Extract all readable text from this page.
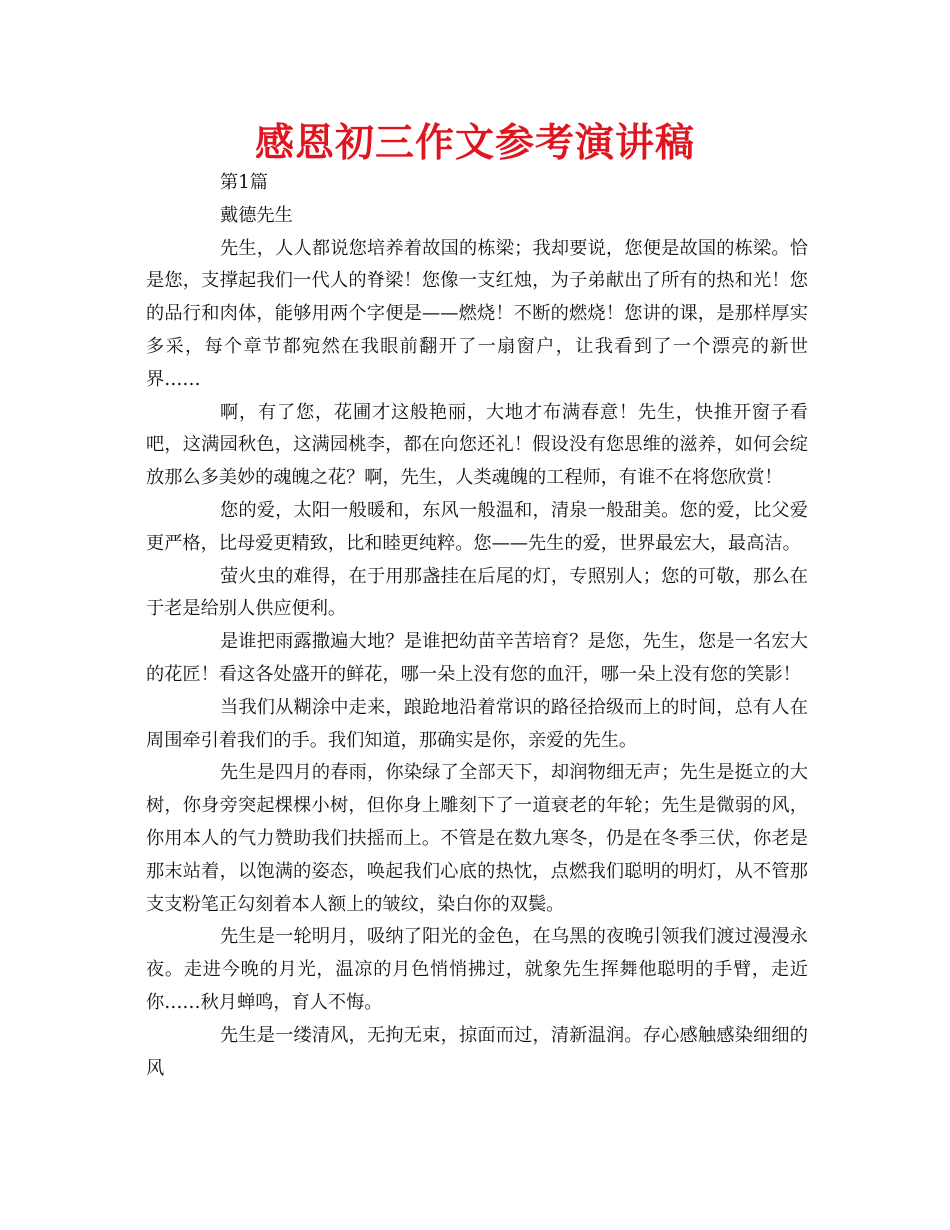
感恩初三作文参考演讲稿

第1篇

戴德先生

先生，人人都说您培养着故国的栋梁；我却要说，您便是故国的栋梁。恰是您，支撑起我们一代人的脊梁！您像一支红烛，为子弟献出了所有的热和光！您的品行和肉体，能够用两个字便是——燃烧！不断的燃烧！您讲的课，是那样厚实多采，每个章节都宛然在我眼前翻开了一扇窗户，让我看到了一个漂亮的新世界……

啊，有了您，花圃才这般艳丽，大地才布满春意！先生，快推开窗子看吧，这满园秋色，这满园桃李，都在向您还礼！假设没有您思维的滋养，如何会绽放那么多美妙的魂魄之花？啊，先生，人类魂魄的工程师，有谁不在将您欣赏！

您的爱，太阳一般暖和，东风一般温和，清泉一般甜美。您的爱，比父爱更严格，比母爱更精致，比和睦更纯粹。您——先生的爱，世界最宏大，最高洁。

萤火虫的难得，在于用那盏挂在后尾的灯，专照别人；您的可敬，那么在于老是给别人供应便利。

是谁把雨露撒遍大地？是谁把幼苗辛苦培育？是您，先生，您是一名宏大的花匠！看这各处盛开的鲜花，哪一朵上没有您的血汗，哪一朵上没有您的笑影！

当我们从糊涂中走来，踉跄地沿着常识的路径拾级而上的时间，总有人在周围牵引着我们的手。我们知道，那确实是你，亲爱的先生。

先生是四月的春雨，你染绿了全部天下，却润物细无声；先生是挺立的大树，你身旁突起棵棵小树，但你身上雕刻下了一道衰老的年轮；先生是微弱的风，你用本人的气力赞助我们扶摇而上。不管是在数九寒冬，仍是在冬季三伏，你老是那末站着，以饱满的姿态，唤起我们心底的热忱，点燃我们聪明的明灯，从不管那支支粉笔正勾刻着本人额上的皱纹，染白你的双鬓。

先生是一轮明月，吸纳了阳光的金色，在乌黑的夜晚引领我们渡过漫漫永夜。走进今晚的月光，温凉的月色悄悄拂过，就象先生挥舞他聪明的手臂，走近你……秋月蝉鸣，育人不悔。

先生是一缕清风，无拘无束，掠面而过，清新温润。存心感触感染细细的风
